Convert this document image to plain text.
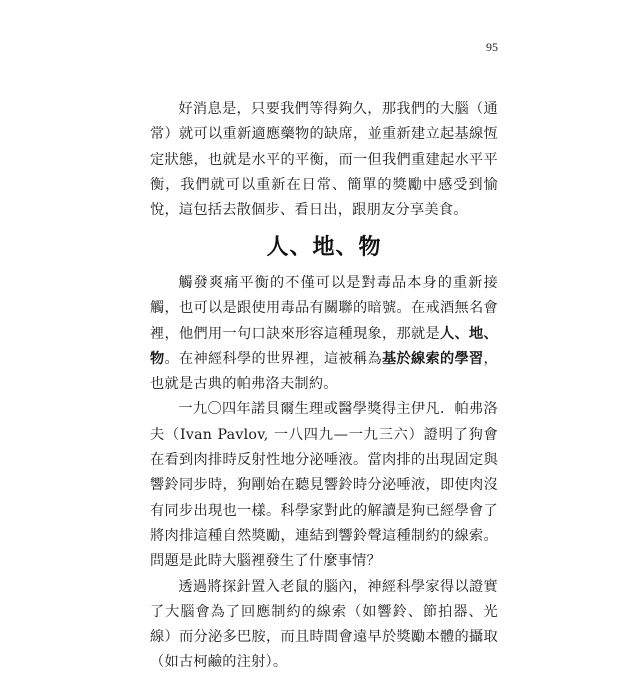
95

好消息是，只要我們等得夠久，那我們的大腦（通常）就可以重新適應藥物的缺席，並重新建立起基線恆定狀態，也就是水平的平衡，而一但我們重建起水平平衡，我們就可以重新在日常、簡單的獎勵中感受到愉悅，這包括去散個步、看日出，跟朋友分享美食。

人、地、物

觸發爽痛平衡的不僅可以是對毒品本身的重新接觸，也可以是跟使用毒品有關聯的暗號。在戒酒無名會裡，他們用一句口訣來形容這種現象，那就是人、地、物。在神經科學的世界裡，這被稱為基於線索的學習，也就是古典的帕弗洛夫制約。

一九〇四年諾貝爾生理或醫學獎得主伊凡．帕弗洛夫（Ivan Pavlov, 一八四九—一九三六）證明了狗會在看到肉排時反射性地分泌唾液。當肉排的出現固定與響鈴同步時，狗剛始在聽見響鈴時分泌唾液，即使肉沒有同步出現也一樣。科學家對此的解讀是狗已經學會了將肉排這種自然獎勵，連結到響鈴聲這種制約的線索。問題是此時大腦裡發生了什麼事情？

透過將探針置入老鼠的腦內，神經科學家得以證實了大腦會為了回應制約的線索（如響鈴、節拍器、光線）而分泌多巴胺，而且時間會遠早於獎勵本體的攝取（如古柯鹼的注射）。
